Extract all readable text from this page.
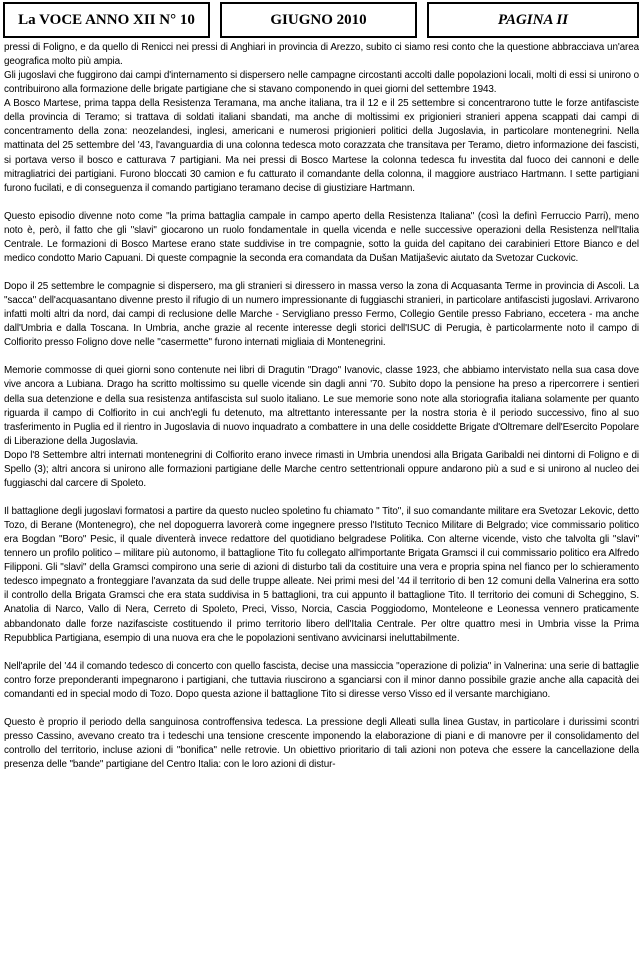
La VOCE ANNO XII N° 10	GIUGNO 2010	PAGINA II

pressi di Foligno, e da quello di Renicci nei pressi di Anghiari in provincia di Arezzo, subito ci siamo resi conto che la questione abbracciava un'area geografica molto più ampia.

Gli jugoslavi che fuggirono dai campi d'internamento si dispersero nelle campagne circostanti accolti dalle popolazioni locali, molti di essi si unirono o contribuirono alla formazione delle brigate partigiane che si stavano componendo in quei giorni del settembre 1943.

A Bosco Martese, prima tappa della Resistenza Teramana, ma anche italiana, tra il 12 e il 25 settembre si concentrarono tutte le forze antifasciste della provincia di Teramo; si trattava di soldati italiani sbandati, ma anche di moltissimi ex prigionieri stranieri appena scappati dai campi di concentramento della zona: neozelandesi, inglesi, americani e numerosi prigionieri politici della Jugoslavia, in particolare montenegrini. Nella mattinata del 25 settembre del '43, l'avanguardia di una colonna tedesca moto corazzata che transitava per Teramo, dietro informazione dei fascisti, si portava verso il bosco e catturava 7 partigiani. Ma nei pressi di Bosco Martese la colonna tedesca fu investita dal fuoco dei cannoni e delle mitragliatrici dei partigiani. Furono bloccati 30 camion e fu catturato il comandante della colonna, il maggiore austriaco Hartmann. I sette partigiani furono fucilati, e di conseguenza il comando partigiano teramano decise di giustiziare Hartmann.

Questo episodio divenne noto come "la prima battaglia campale in campo aperto della Resistenza Italiana" (così la definì Ferruccio Parri), meno noto è, però, il fatto che gli "slavi" giocarono un ruolo fondamentale in quella vicenda e nelle successive operazioni della Resistenza nell'Italia Centrale. Le formazioni di Bosco Martese erano state suddivise in tre compagnie, sotto la guida del capitano dei carabinieri Ettore Bianco e del medico condotto Mario Capuani. Di queste compagnie la seconda era comandata da Dušan Matijaševic aiutato da Svetozar Cuckovic.

Dopo il 25 settembre le compagnie si dispersero, ma gli stranieri si diressero in massa verso la zona di Acquasanta Terme in provincia di Ascoli. La "sacca" dell'acquasantano divenne presto il rifugio di un numero impressionante di fuggiaschi stranieri, in particolare antifascisti jugoslavi. Arrivarono infatti molti altri da nord, dai campi di reclusione delle Marche - Servigliano presso Fermo, Collegio Gentile presso Fabriano, eccetera - ma anche dall'Umbria e dalla Toscana. In Umbria, anche grazie al recente interesse degli storici dell'ISUC di Perugia, è particolarmente noto il campo di Colfiorito presso Foligno dove nelle "casermette" furono internati migliaia di Montenegrini.

Memorie commosse di quei giorni sono contenute nei libri di Dragutin "Drago" Ivanovic, classe 1923, che abbiamo intervistato nella sua casa dove vive ancora a Lubiana. Drago ha scritto moltissimo su quelle vicende sin dagli anni '70. Subito dopo la pensione ha preso a ripercorrere i sentieri della sua detenzione e della sua resistenza antifascista sul suolo italiano. Le sue memorie sono note alla storiografia italiana solamente per quanto riguarda il campo di Colfiorito in cui anch'egli fu detenuto, ma altrettanto interessante per la nostra storia è il periodo successivo, fino al suo trasferimento in Puglia ed il rientro in Jugoslavia di nuovo inquadrato a combattere in una delle cosiddette Brigate d'Oltremare dell'Esercito Popolare di Liberazione della Jugoslavia.

Dopo l'8 Settembre altri internati montenegrini di Colfiorito erano invece rimasti in Umbria unendosi alla Brigata Garibaldi nei dintorni di Foligno e di Spello (3); altri ancora si unirono alle formazioni partigiane delle Marche centro settentrionali oppure andarono più a sud e si unirono al nucleo dei fuggiaschi dal carcere di Spoleto.

Il battaglione degli jugoslavi formatosi a partire da questo nucleo spoletino fu chiamato " Tito", il suo comandante militare era Svetozar Lekovic, detto Tozo, di Berane (Montenegro), che nel dopoguerra lavorerà come ingegnere presso l'Istituto Tecnico Militare di Belgrado; vice commissario politico era Bogdan "Boro" Pesic, il quale diventerà invece redattore del quotidiano belgradese Politika. Con alterne vicende, visto che talvolta gli "slavi" tennero un profilo politico – militare più autonomo, il battaglione Tito fu collegato all'importante Brigata Gramsci il cui commissario politico era Alfredo Filipponi. Gli "slavi" della Gramsci compirono una serie di azioni di disturbo tali da costituire una vera e propria spina nel fianco per lo schieramento tedesco impegnato a fronteggiare l'avanzata da sud delle truppe alleate. Nei primi mesi del '44 il territorio di ben 12 comuni della Valnerina era sotto il controllo della Brigata Gramsci che era stata suddivisa in 5 battaglioni, tra cui appunto il battaglione Tito. Il territorio dei comuni di Scheggino, S. Anatolia di Narco, Vallo di Nera, Cerreto di Spoleto, Preci, Visso, Norcia, Cascia Poggiodomo, Monteleone e Leonessa vennero praticamente abbandonato dalle forze nazifasciste costituendo il primo territorio libero dell'Italia Centrale. Per oltre quattro mesi in Umbria visse la Prima Repubblica Partigiana, esempio di una nuova era che le popolazioni sentivano avvicinarsi ineluttabilmente.

Nell'aprile del '44 il comando tedesco di concerto con quello fascista, decise una massiccia "operazione di polizia" in Valnerina: una serie di battaglie contro forze preponderanti impegnarono i partigiani, che tuttavia riuscirono a sganciarsi con il minor danno possibile grazie anche alla capacità dei comandanti ed in special modo di Tozo. Dopo questa azione il battaglione Tito si diresse verso Visso ed il versante marchigiano.

Questo è proprio il periodo della sanguinosa controffensiva tedesca. La pressione degli Alleati sulla linea Gustav, in particolare i durissimi scontri presso Cassino, avevano creato tra i tedeschi una tensione crescente imponendo la elaborazione di piani e di manovre per il consolidamento del controllo del territorio, incluse azioni di "bonifica" nelle retrovie. Un obiettivo prioritario di tali azioni non poteva che essere la cancellazione della presenza delle "bande" partigiane del Centro Italia: con le loro azioni di distur-
